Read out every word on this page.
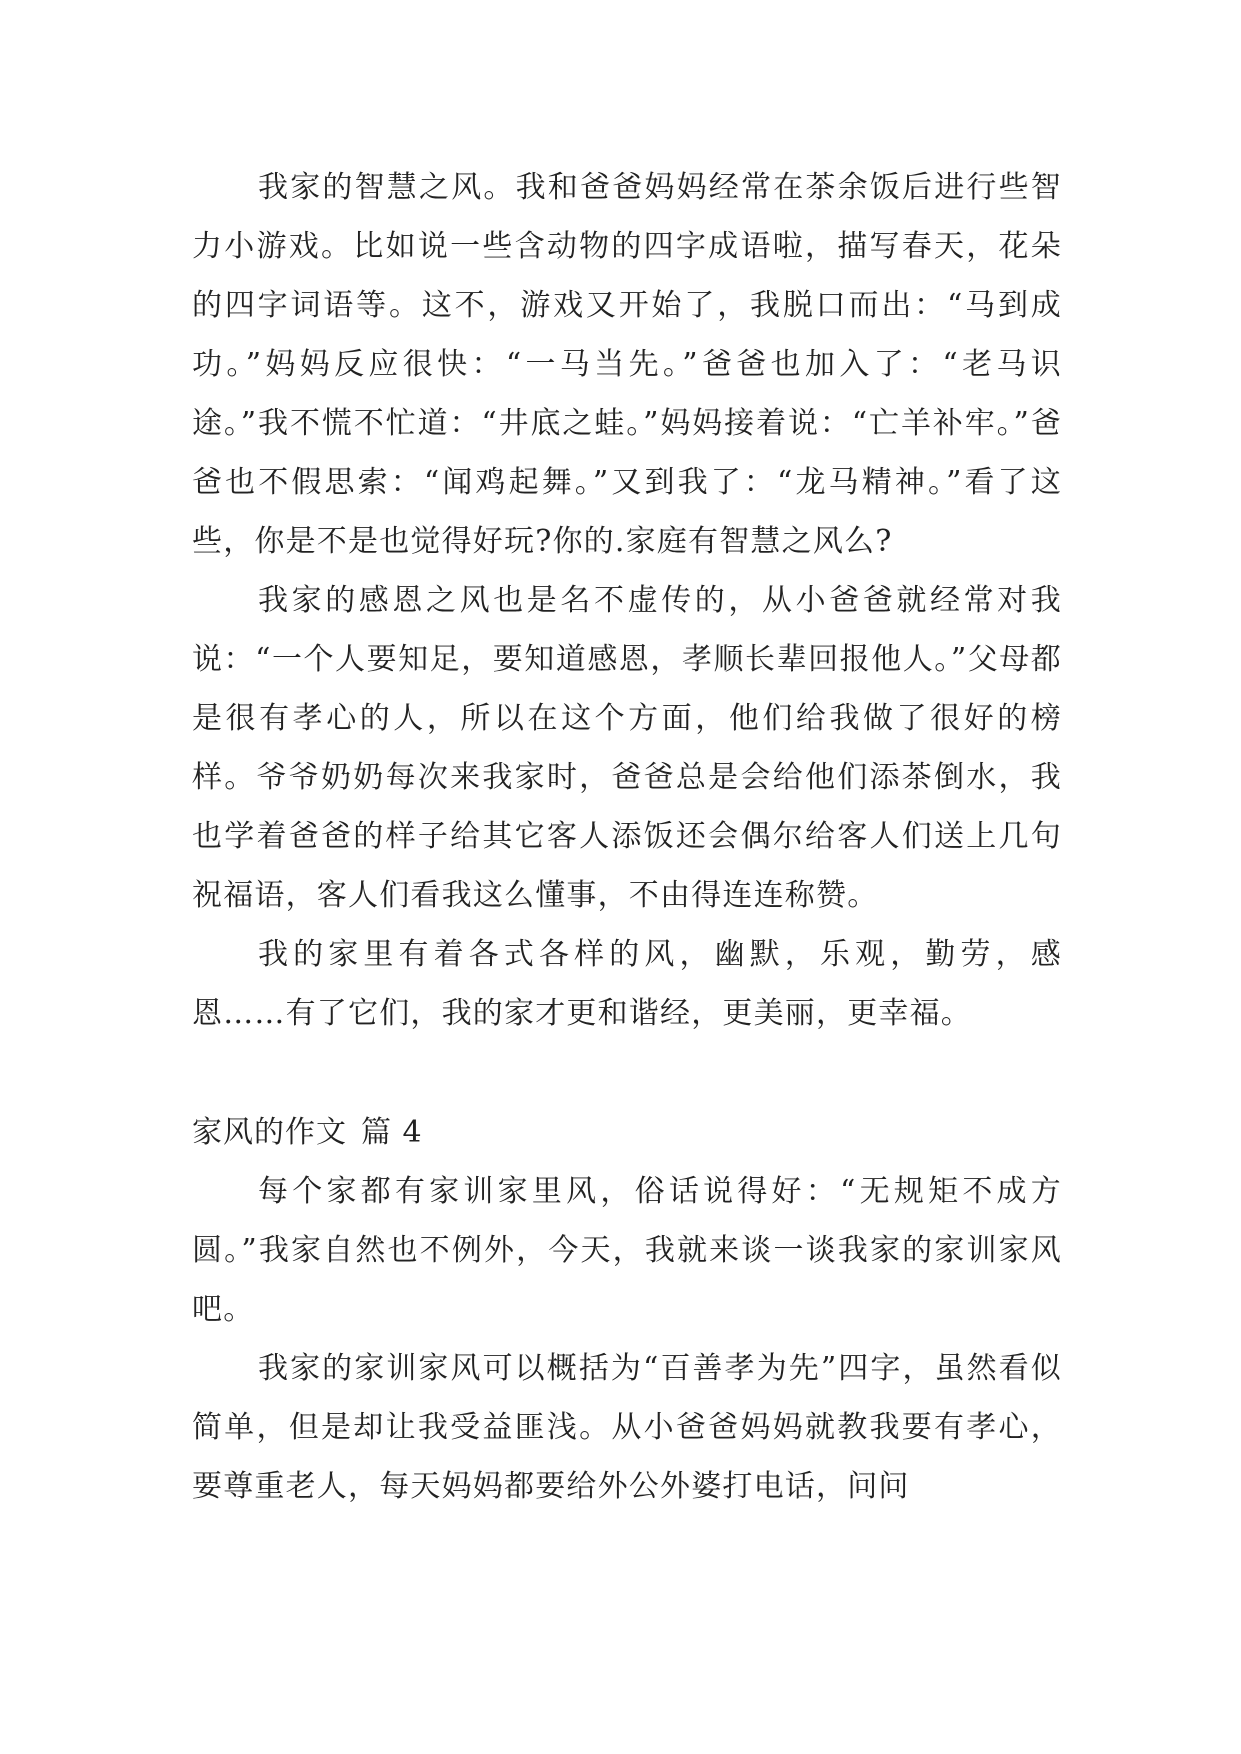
我家的智慧之风。我和爸爸妈妈经常在茶余饭后进行些智力小游戏。比如说一些含动物的四字成语啦，描写春天，花朵的四字词语等。这不，游戏又开始了，我脱口而出：“马到成功。”妈妈反应很快：“一马当先。”爸爸也加入了：“老马识途。”我不慌不忙道：“井底之蛙。”妈妈接着说：“亡羊补牢。”爸爸也不假思索：“闻鸡起舞。”又到我了：“龙马精神。”看了这些，你是不是也觉得好玩?你的.家庭有智慧之风么?

我家的感恩之风也是名不虚传的，从小爸爸就经常对我说：“一个人要知足，要知道感恩，孝顺长辈回报他人。”父母都是很有孝心的人，所以在这个方面，他们给我做了很好的榜样。爷爷奶奶每次来我家时，爸爸总是会给他们添茶倒水，我也学着爸爸的样子给其它客人添饭还会偶尔给客人们送上几句祝福语，客人们看我这么懂事，不由得连连称赞。

我的家里有着各式各样的风，幽默，乐观，勤劳，感恩……有了它们，我的家才更和谐经，更美丽，更幸福。

家风的作文 篇 4

每个家都有家训家里风，俗话说得好：“无规矩不成方圆。”我家自然也不例外，今天，我就来谈一谈我家的家训家风吧。

我家的家训家风可以概括为“百善孝为先”四字，虽然看似简单，但是却让我受益匪浅。从小爸爸妈妈就教我要有孝心，要尊重老人，每天妈妈都要给外公外婆打电话，问问
